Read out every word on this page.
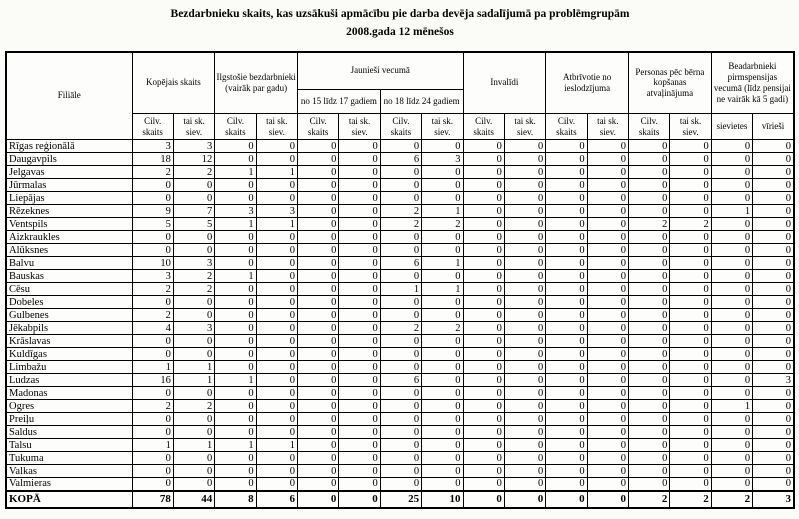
Bezdarbnieku skaits, kas uzsākuši apmācību pie darba devēja sadalījumā pa problēmgrupām
2008.gada 12 mēnešos
Filiāle	Kopējais skaits		Ilgstošie bezdarbnieki (vairāk par gadu)		Jaunieši vecumā				Invalīdi		Atbrīvotie no ieslodzījuma		Personas pēc bērna kopšanas atvaļinājuma		Beadarbnieki pirmspensijas vecumā (līdz pensijai ne vairāk kā 5 gadi)	
					no 15 līdz 17 gadiem		no 18 līdz 24 gadiem									
	Cilv. skaits	tai sk. siev.	Cilv. skaits	tai sk. siev.	Cilv. skaits	tai sk. siev.	Cilv. skaits	tai sk. siev.	Cilv. skaits	tai sk. siev.	Cilv. skaits	tai sk. siev.	Cilv. skaits	tai sk. siev.	sievietes	vīrieši
Rīgas reģionālā	3	3	0	0	0	0	0	0	0	0	0	0	0	0	0	0
Daugavpils	18	12	0	0	0	0	6	3	0	0	0	0	0	0	0	0
Jelgavas	2	2	1	1	0	0	0	0	0	0	0	0	0	0	0	0
Jūrmalas	0	0	0	0	0	0	0	0	0	0	0	0	0	0	0	0
Liepājas	0	0	0	0	0	0	0	0	0	0	0	0	0	0	0	0
Rēzeknes	9	7	3	3	0	0	2	1	0	0	0	0	0	0	1	0
Ventspils	5	5	1	1	0	0	2	2	0	0	0	0	2	2	0	0
Aizkraukles	0	0	0	0	0	0	0	0	0	0	0	0	0	0	0	0
Alūksnes	0	0	0	0	0	0	0	0	0	0	0	0	0	0	0	0
Balvu	10	3	0	0	0	0	6	1	0	0	0	0	0	0	0	0
Bauskas	3	2	1	0	0	0	0	0	0	0	0	0	0	0	0	0
Cēsu	2	2	0	0	0	0	1	1	0	0	0	0	0	0	0	0
Dobeles	0	0	0	0	0	0	0	0	0	0	0	0	0	0	0	0
Gulbenes	2	0	0	0	0	0	0	0	0	0	0	0	0	0	0	0
Jēkabpils	4	3	0	0	0	0	2	2	0	0	0	0	0	0	0	0
Krāslavas	0	0	0	0	0	0	0	0	0	0	0	0	0	0	0	0
Kuldīgas	0	0	0	0	0	0	0	0	0	0	0	0	0	0	0	0
Limbažu	1	1	0	0	0	0	0	0	0	0	0	0	0	0	0	0
Ludzas	16	1	1	0	0	0	6	0	0	0	0	0	0	0	0	3
Madonas	0	0	0	0	0	0	0	0	0	0	0	0	0	0	0	0
Ogres	2	2	0	0	0	0	0	0	0	0	0	0	0	0	1	0
Preiļu	0	0	0	0	0	0	0	0	0	0	0	0	0	0	0	0
Saldus	0	0	0	0	0	0	0	0	0	0	0	0	0	0	0	0
Talsu	1	1	1	1	0	0	0	0	0	0	0	0	0	0	0	0
Tukuma	0	0	0	0	0	0	0	0	0	0	0	0	0	0	0	0
Valkas	0	0	0	0	0	0	0	0	0	0	0	0	0	0	0	0
Valmieras	0	0	0	0	0	0	0	0	0	0	0	0	0	0	0	0
KOPĀ	78	44	8	6	0	0	25	10	0	0	0	0	2	2	2	3
